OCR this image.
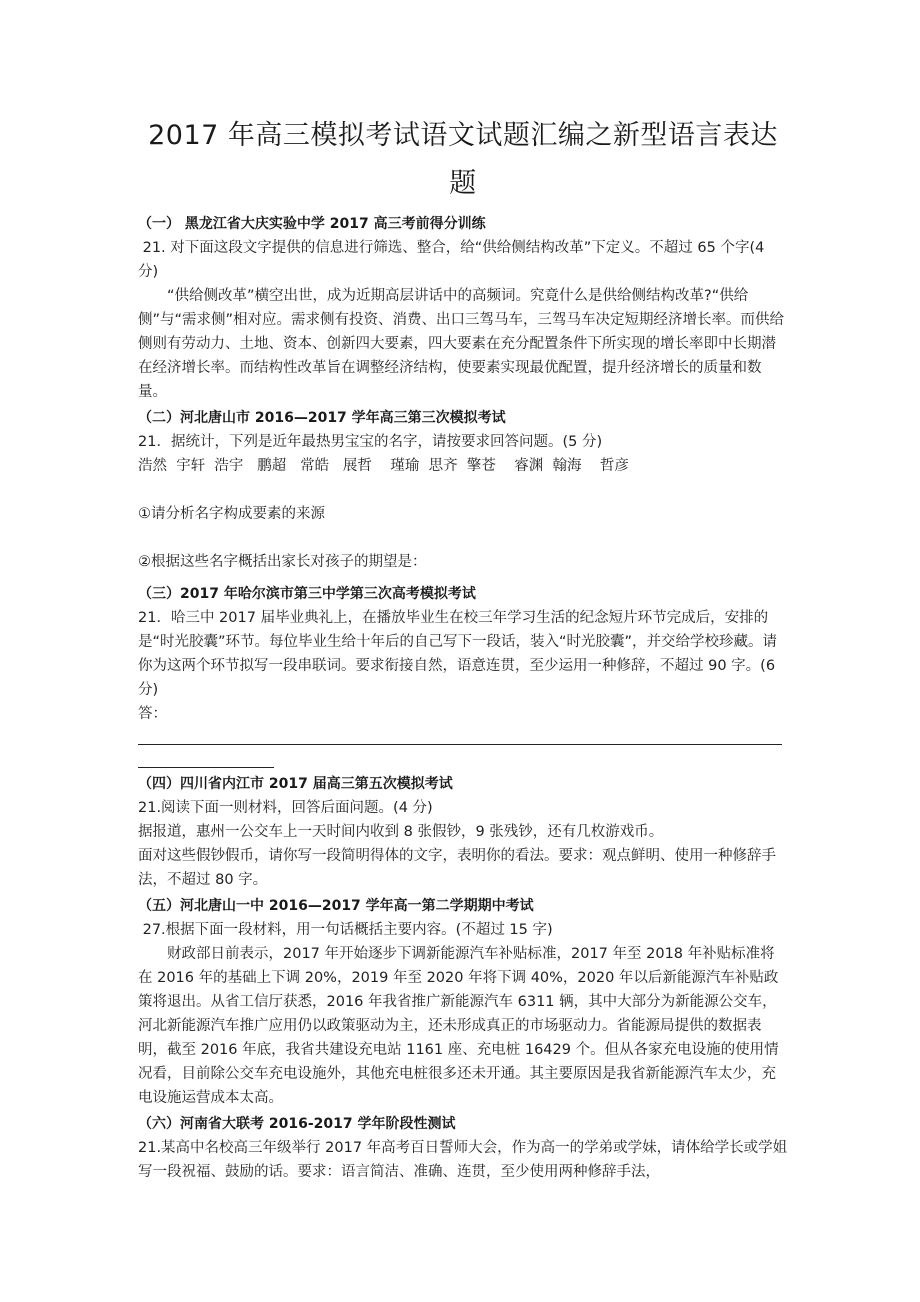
2017 年高三模拟考试语文试题汇编之新型语言表达
题
（一） 黑龙江省大庆实验中学 2017 高三考前得分训练

21. 对下面这段文字提供的信息进行筛选、整合，给“供给侧结构改革”下定义。不超过 65 个字(4 分)

“供给侧改革”横空出世，成为近期高层讲话中的高频词。究竟什么是供给侧结构改革?“供给侧”与“需求侧”相对应。需求侧有投资、消费、出口三驾马车，三驾马车决定短期经济增长率。而供给侧则有劳动力、土地、资本、创新四大要素，四大要素在充分配置条件下所实现的增长率即中长期潜在经济增长率。而结构性改革旨在调整经济结构，使要素实现最优配置，提升经济增长的质量和数量。

（二）河北唐山市 2016—2017 学年高三第三次模拟考试

21．据统计，下列是近年最热男宝宝的名字，请按要求回答问题。(5 分)

浩然  宇轩  浩宇   鹏超   常皓   展哲    瑾瑜  思齐  擎苍    睿渊  翰海    哲彦

①请分析名字构成要素的来源

②根据这些名字概括出家长对孩子的期望是：

（三）2017 年哈尔滨市第三中学第三次高考模拟考试

21．哈三中 2017 届毕业典礼上，在播放毕业生在校三年学习生活的纪念短片环节完成后，安排的是“时光胶囊”环节。每位毕业生给十年后的自己写下一段话，装入“时光胶囊”，并交给学校珍藏。请你为这两个环节拟写一段串联词。要求衔接自然，语意连贯，至少运用一种修辞，不超过 90 字。(6 分)

答：

（四）四川省内江市 2017 届高三第五次模拟考试

21.阅读下面一则材料，回答后面问题。(4 分)

据报道，惠州一公交车上一天时间内收到 8 张假钞，9 张残钞，还有几枚游戏币。

面对这些假钞假币，请你写一段简明得体的文字，表明你的看法。要求：观点鲜明、使用一种修辞手法，不超过 80 字。

（五）河北唐山一中 2016—2017 学年高一第二学期期中考试

27.根据下面一段材料，用一句话概括主要内容。(不超过 15 字)

财政部日前表示，2017 年开始逐步下调新能源汽车补贴标准，2017 年至 2018 年补贴标准将在 2016 年的基础上下调 20%，2019 年至 2020 年将下调 40%，2020 年以后新能源汽车补贴政策将退出。从省工信厅获悉，2016 年我省推广新能源汽车 6311 辆，其中大部分为新能源公交车，河北新能源汽车推广应用仍以政策驱动为主，还未形成真正的市场驱动力。省能源局提供的数据表明，截至 2016 年底，我省共建设充电站 1161 座、充电桩 16429 个。但从各家充电设施的使用情况看，目前除公交车充电设施外，其他充电桩很多还未开通。其主要原因是我省新能源汽车太少，充电设施运营成本太高。

（六）河南省大联考 2016-2017 学年阶段性测试

21.某高中名校高三年级举行 2017 年高考百日誓师大会，作为高一的学弟或学妹，请体给学长或学姐写一段祝福、鼓励的话。要求：语言简洁、准确、连贯，至少使用两种修辞手法，
